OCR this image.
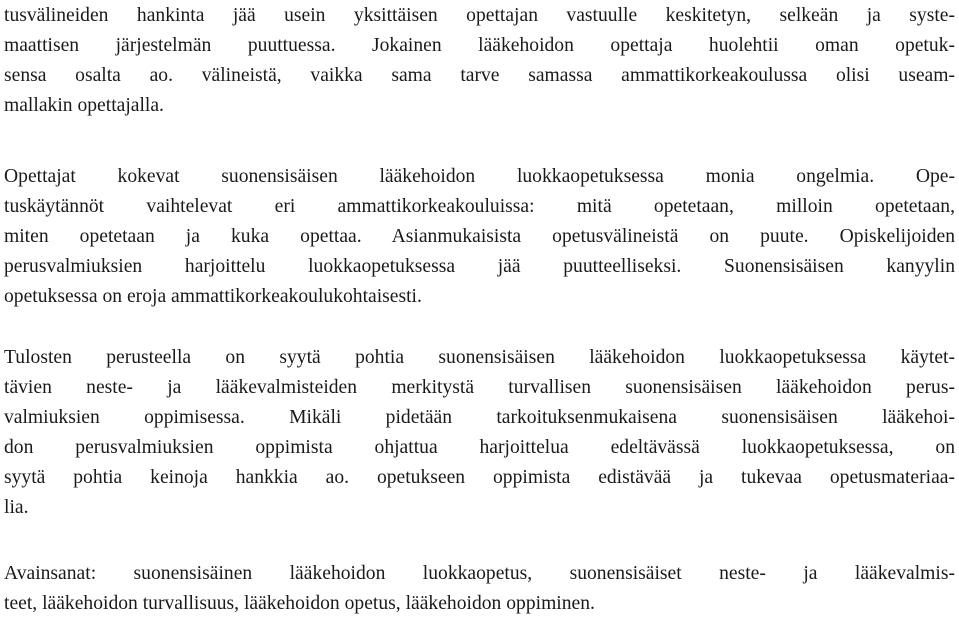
tusvälineiden hankinta jää usein yksittäisen opettajan vastuulle keskitetyn, selkeän ja syste-
maattisen järjestelmän puuttuessa. Jokainen lääkehoidon opettaja huolehtii oman opetuk-
sensa osalta ao. välineistä, vaikka sama tarve samassa ammattikorkeakoulussa olisi useam-
mallakin opettajalla.
Opettajat kokevat suonensisäisen lääkehoidon luokkaopetuksessa monia ongelmia. Ope-
tuskäytännöt vaihtelevat eri ammattikorkeakouluissa: mitä opetetaan, milloin opetetaan,
miten opetetaan ja kuka opettaa. Asianmukaisista opetusvälineistä on puute. Opiskelijoiden
perusvalmiuksien harjoittelu luokkaopetuksessa jää puutteelliseksi. Suonensisäisen kanyylin
opetuksessa on eroja ammattikorkeakoulukohtaisesti.
Tulosten perusteella on syytä pohtia suonensisäisen lääkehoidon luokkaopetuksessa käytet-
tävien neste- ja lääkevalmisteiden merkitystä turvallisen suonensisäisen lääkehoidon perus-
valmiuksien oppimisessa. Mikäli pidetään tarkoituksenmukaisena suonensisäisen lääkehoi-
don perusvalmiuksien oppimista ohjattua harjoittelua edeltävässä luokkaopetuksessa, on
syytä pohtia keinoja hankkia ao. opetukseen oppimista edistävää ja tukevaa opetusmateriaa-
lia.
Avainsanat: suonensisäinen lääkehoidon luokkaopetus, suonensisäiset neste- ja lääkevalmis-
teet, lääkehoidon turvallisuus, lääkehoidon opetus, lääkehoidon oppiminen.
